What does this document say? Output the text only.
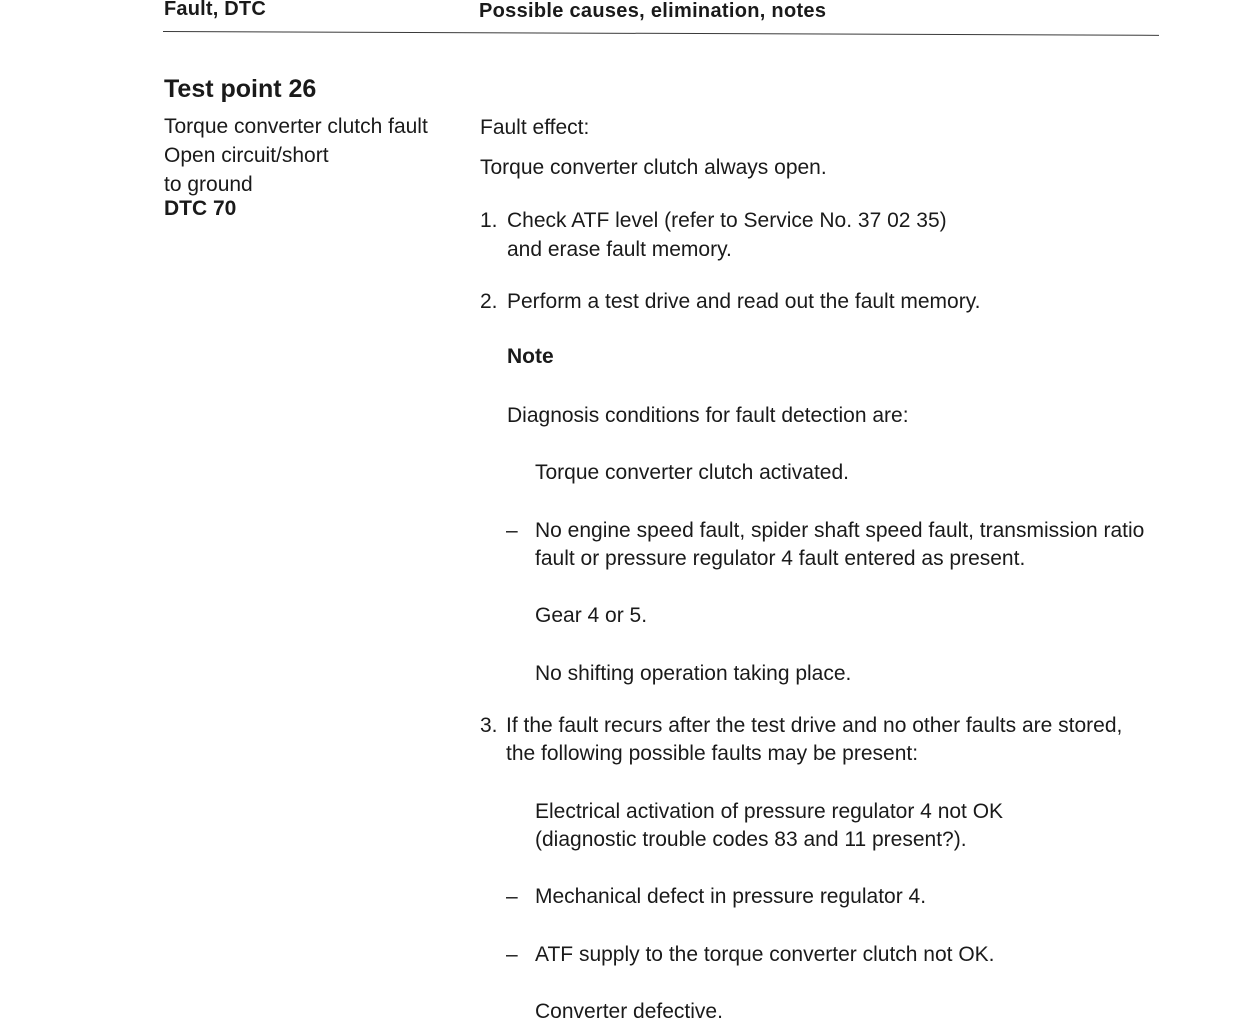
Fault, DTC	Possible causes, elimination, notes
Test point 26
Torque converter clutch fault
Open circuit/short
to ground
DTC 70
Fault effect:
Torque converter clutch always open.
1. Check ATF level (refer to Service No. 37 02 35)
and erase fault memory.
2. Perform a test drive and read out the fault memory.
Note
Diagnosis conditions for fault detection are:
Torque converter clutch activated.
– No engine speed fault, spider shaft speed fault, transmission ratio
fault or pressure regulator 4 fault entered as present.
Gear 4 or 5.
No shifting operation taking place.
3. If the fault recurs after the test drive and no other faults are stored,
the following possible faults may be present:
Electrical activation of pressure regulator 4 not OK
(diagnostic trouble codes 83 and 11 present?).
– Mechanical defect in pressure regulator 4.
– ATF supply to the torque converter clutch not OK.
Converter defective.
